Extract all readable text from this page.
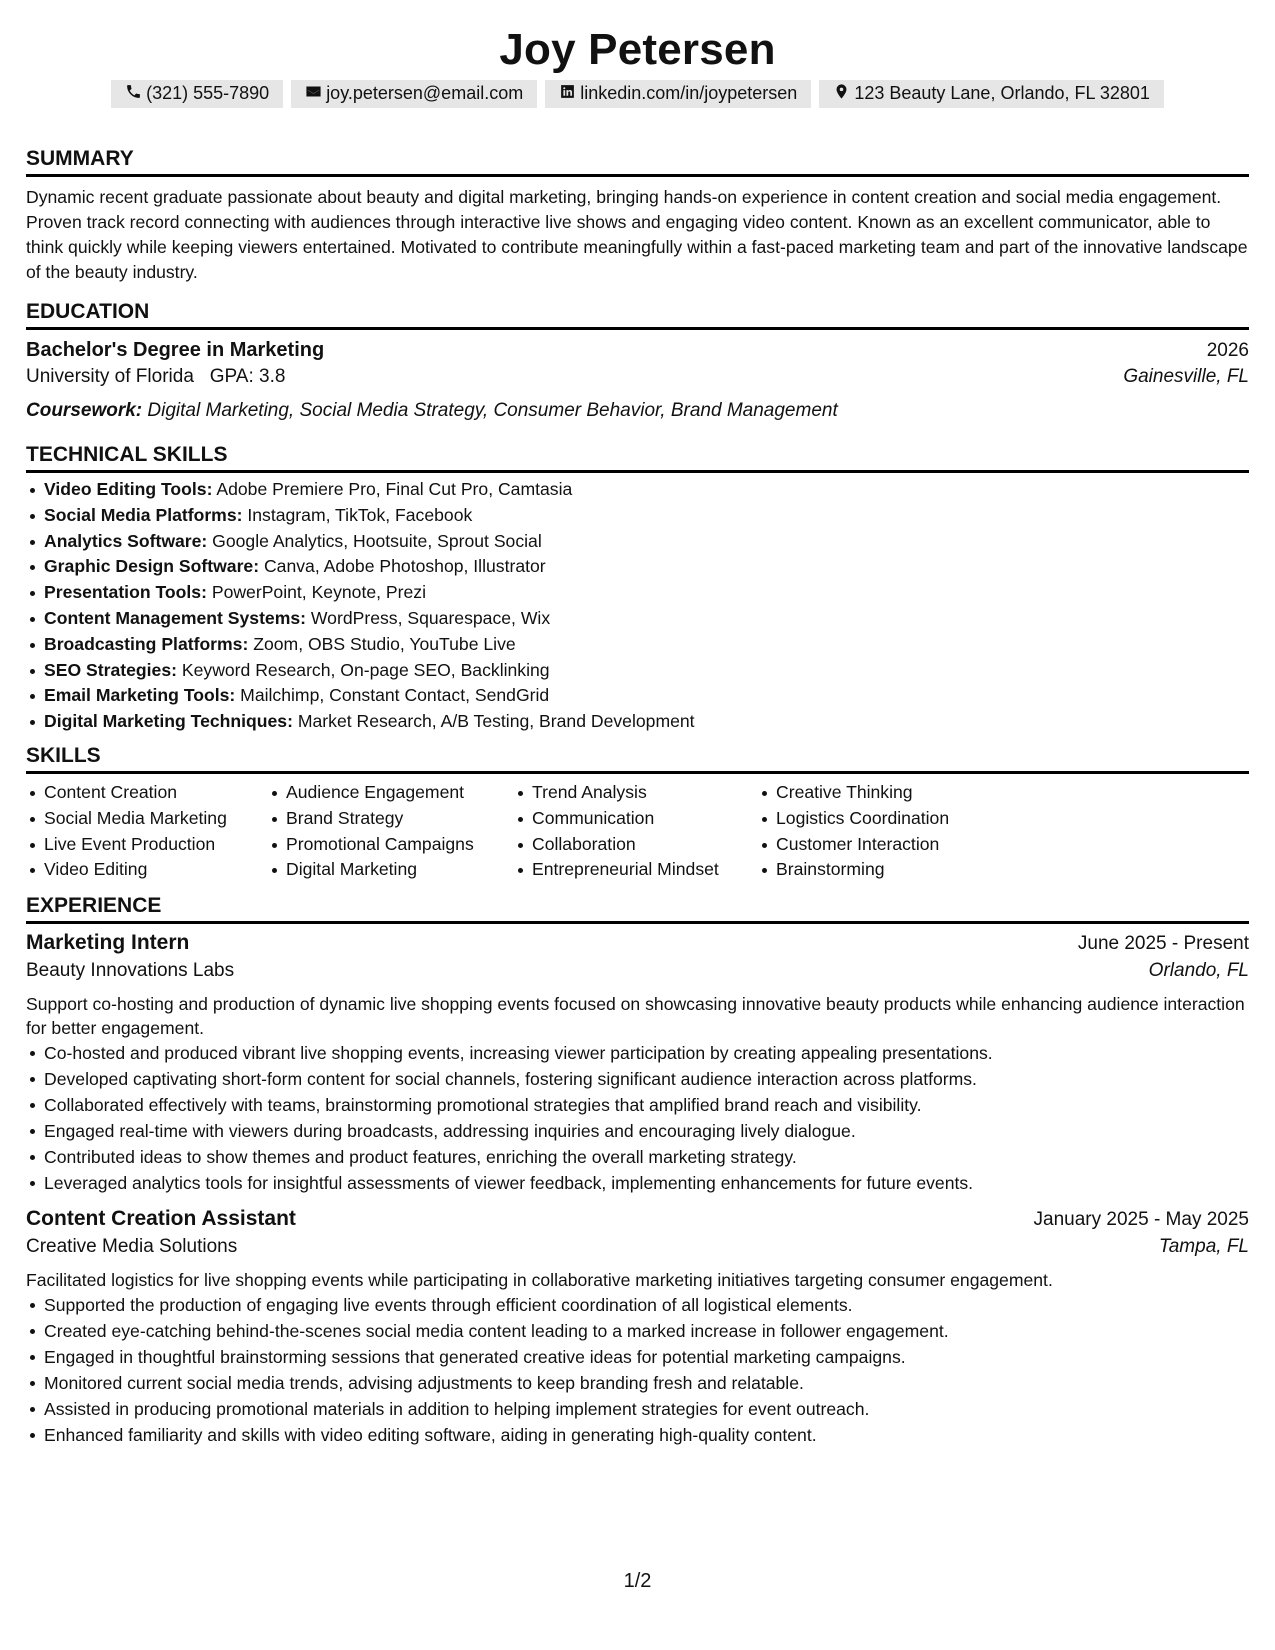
Joy Petersen
(321) 555-7890	joy.petersen@email.com	linkedin.com/in/joypetersen	123 Beauty Lane, Orlando, FL 32801
SUMMARY
Dynamic recent graduate passionate about beauty and digital marketing, bringing hands-on experience in content creation and social media engagement. Proven track record connecting with audiences through interactive live shows and engaging video content. Known as an excellent communicator, able to think quickly while keeping viewers entertained. Motivated to contribute meaningfully within a fast-paced marketing team and part of the innovative landscape of the beauty industry.
EDUCATION
Bachelor's Degree in Marketing	2026
University of Florida GPA: 3.8	Gainesville, FL
Coursework: Digital Marketing, Social Media Strategy, Consumer Behavior, Brand Management
TECHNICAL SKILLS
Video Editing Tools: Adobe Premiere Pro, Final Cut Pro, Camtasia
Social Media Platforms: Instagram, TikTok, Facebook
Analytics Software: Google Analytics, Hootsuite, Sprout Social
Graphic Design Software: Canva, Adobe Photoshop, Illustrator
Presentation Tools: PowerPoint, Keynote, Prezi
Content Management Systems: WordPress, Squarespace, Wix
Broadcasting Platforms: Zoom, OBS Studio, YouTube Live
SEO Strategies: Keyword Research, On-page SEO, Backlinking
Email Marketing Tools: Mailchimp, Constant Contact, SendGrid
Digital Marketing Techniques: Market Research, A/B Testing, Brand Development
SKILLS
Content Creation
Social Media Marketing
Live Event Production
Video Editing
Audience Engagement
Brand Strategy
Promotional Campaigns
Digital Marketing
Trend Analysis
Communication
Collaboration
Entrepreneurial Mindset
Creative Thinking
Logistics Coordination
Customer Interaction
Brainstorming
EXPERIENCE
Marketing Intern	June 2025 - Present
Beauty Innovations Labs	Orlando, FL
Support co-hosting and production of dynamic live shopping events focused on showcasing innovative beauty products while enhancing audience interaction for better engagement.
Co-hosted and produced vibrant live shopping events, increasing viewer participation by creating appealing presentations.
Developed captivating short-form content for social channels, fostering significant audience interaction across platforms.
Collaborated effectively with teams, brainstorming promotional strategies that amplified brand reach and visibility.
Engaged real-time with viewers during broadcasts, addressing inquiries and encouraging lively dialogue.
Contributed ideas to show themes and product features, enriching the overall marketing strategy.
Leveraged analytics tools for insightful assessments of viewer feedback, implementing enhancements for future events.
Content Creation Assistant	January 2025 - May 2025
Creative Media Solutions	Tampa, FL
Facilitated logistics for live shopping events while participating in collaborative marketing initiatives targeting consumer engagement.
Supported the production of engaging live events through efficient coordination of all logistical elements.
Created eye-catching behind-the-scenes social media content leading to a marked increase in follower engagement.
Engaged in thoughtful brainstorming sessions that generated creative ideas for potential marketing campaigns.
Monitored current social media trends, advising adjustments to keep branding fresh and relatable.
Assisted in producing promotional materials in addition to helping implement strategies for event outreach.
Enhanced familiarity and skills with video editing software, aiding in generating high-quality content.
1/2
